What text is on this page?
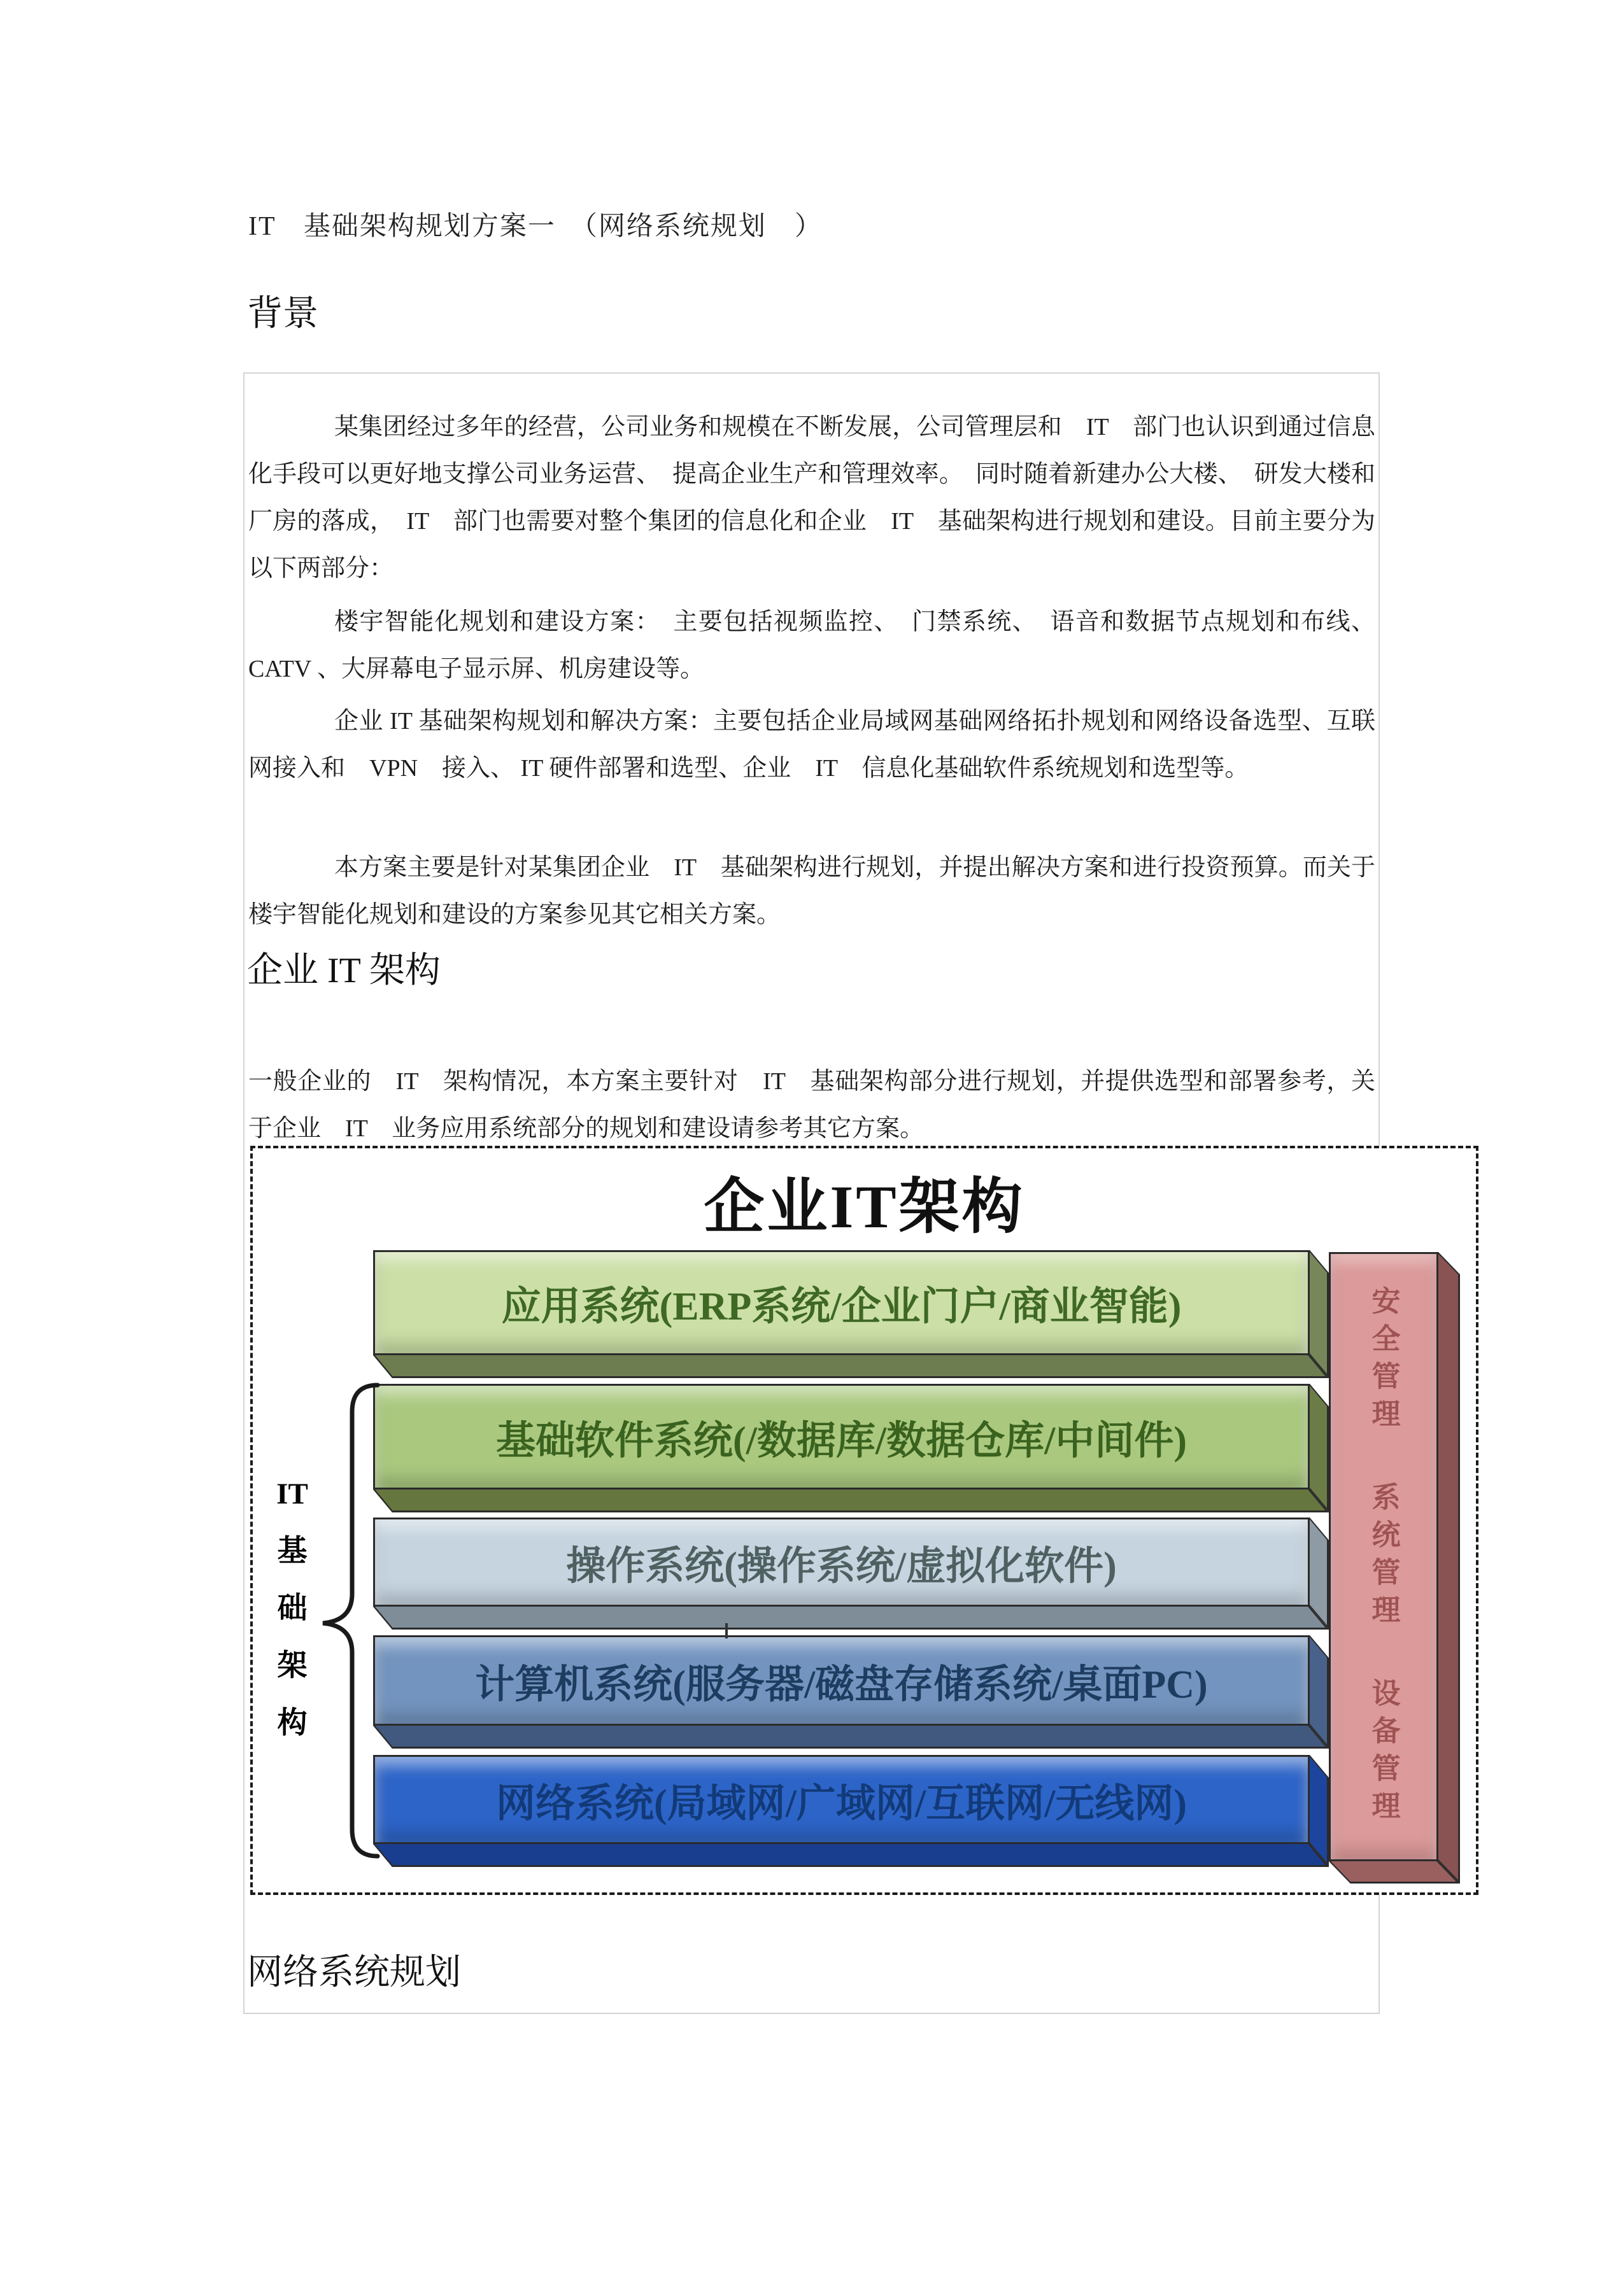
IT　基础架构规划方案一　（网络系统规划　）
背景

某集团经过多年的经营，公司业务和规模在不断发展，公司管理层和　IT　部门也认识到通过信息化手段可以更好地支撑公司业务运营、　提高企业生产和管理效率。　同时随着新建办公大楼、　研发大楼和厂房的落成，　IT　部门也需要对整个集团的信息化和企业　IT　基础架构进行规划和建设。目前主要分为以下两部分：

楼宇智能化规划和建设方案：　主要包括视频监控、　门禁系统、　语音和数据节点规划和布线、 CATV 、大屏幕电子显示屏、机房建设等。

企业 IT 基础架构规划和解决方案：主要包括企业局域网基础网络拓扑规划和网络设备选型、互联网接入和　VPN　接入、 IT 硬件部署和选型、企业　IT　信息化基础软件系统规划和选型等。

本方案主要是针对某集团企业　IT　基础架构进行规划，并提出解决方案和进行投资预算。而关于楼宇智能化规划和建设的方案参见其它相关方案。

企业 IT 架构

一般企业的　IT　架构情况，本方案主要针对　IT　基础架构部分进行规划，并提供选型和部署参考，关于企业　IT　业务应用系统部分的规划和建设请参考其它方案。

企业IT架构
应用系统(ERP系统/企业门户/商业智能)
基础软件系统(/数据库/数据仓库/中间件)
操作系统(操作系统/虚拟化软件)
计算机系统(服务器/磁盘存储系统/桌面PC)
网络系统(局域网/广域网/互联网/无线网)
安全管理
系统管理
设备管理
IT
基
础
架
构
网络系统规划
